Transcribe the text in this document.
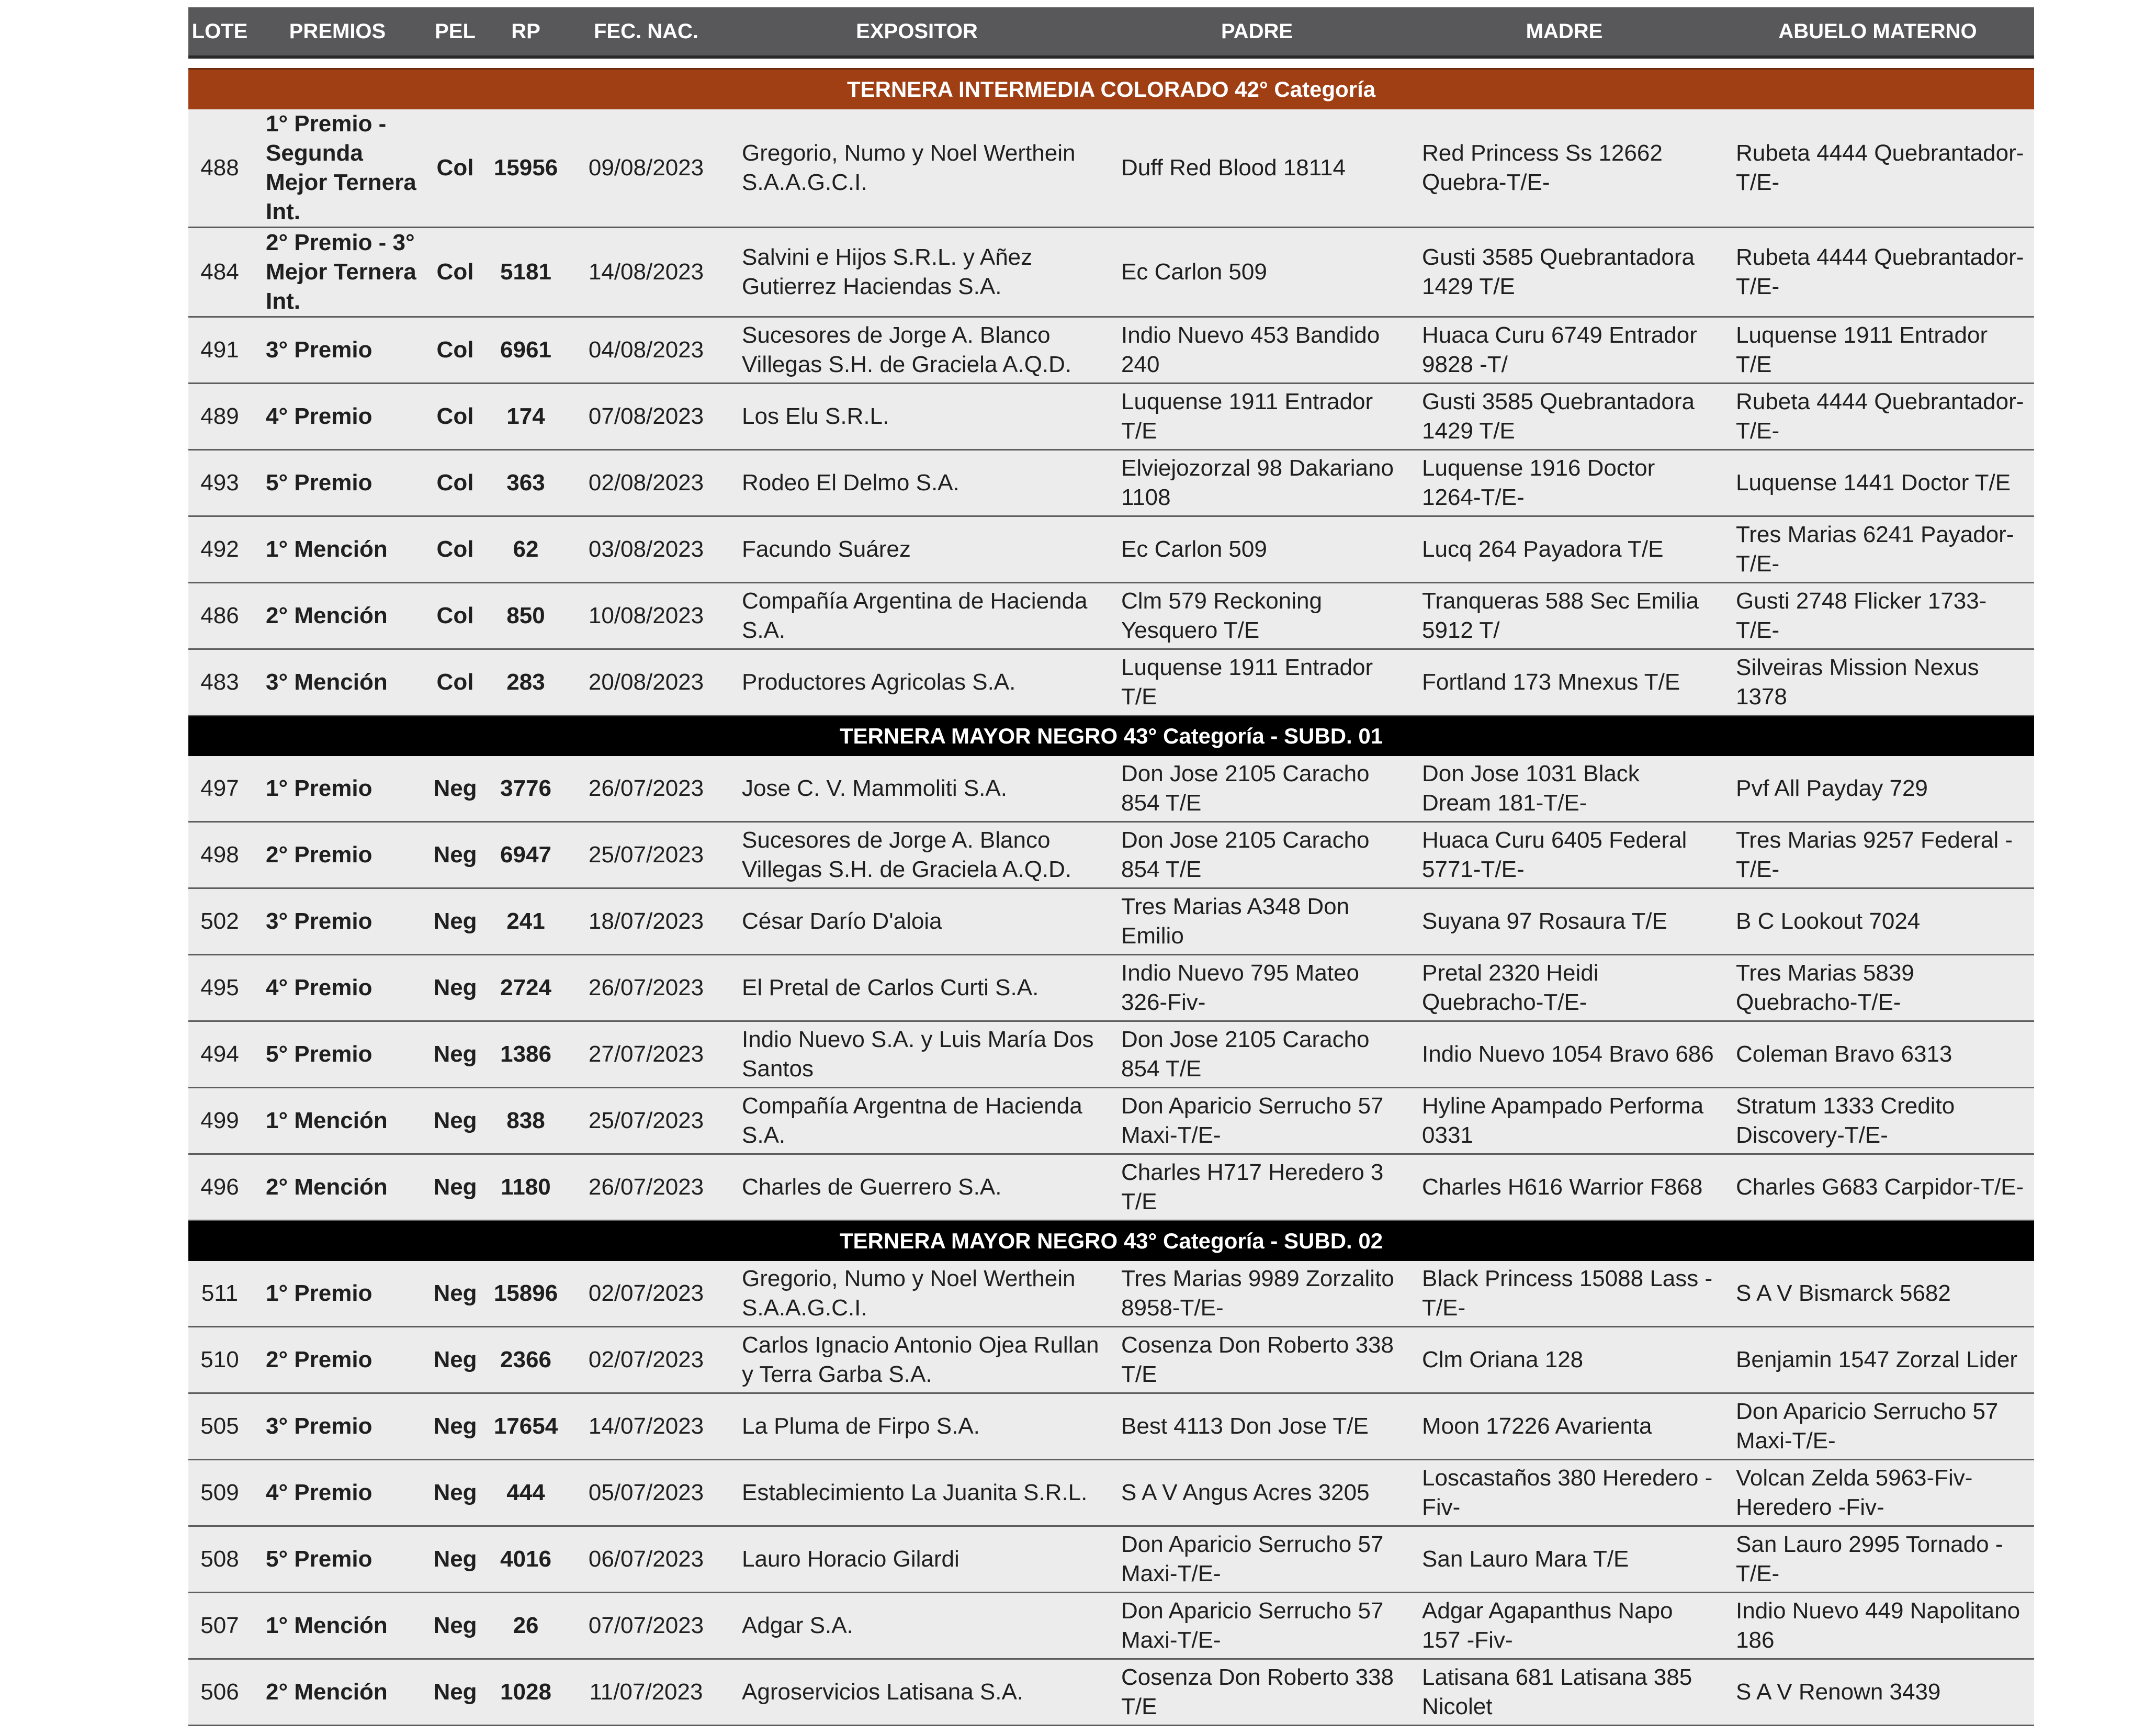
LOTE	PREMIOS	PEL	RP	FEC. NAC.	EXPOSITOR	PADRE	MADRE	ABUELO MATERNO

TERNERA INTERMEDIA COLORADO 42° Categoría								
488	1° Premio - Segunda Mejor Ternera Int.	Col	15956	09/08/2023	Gregorio, Numo y Noel Werthein S.A.A.G.C.I.	Duff Red Blood 18114	Red Princess Ss 12662 Quebra-T/E-	Rubeta 4444 Quebrantador-T/E-
484	2° Premio - 3° Mejor Ternera Int.	Col	5181	14/08/2023	Salvini e Hijos S.R.L. y Añez Gutierrez Haciendas S.A.	Ec Carlon 509	Gusti 3585 Quebrantadora 1429 T/E	Rubeta 4444 Quebrantador-T/E-
491	3° Premio	Col	6961	04/08/2023	Sucesores de Jorge A. Blanco Villegas S.H. de Graciela A.Q.D.	Indio Nuevo 453 Bandido 240	Huaca Curu 6749 Entrador 9828 -T/	Luquense 1911 Entrador T/E
489	4° Premio	Col	174	07/08/2023	Los Elu S.R.L.	Luquense 1911 Entrador T/E	Gusti 3585 Quebrantadora 1429 T/E	Rubeta 4444 Quebrantador-T/E-
493	5° Premio	Col	363	02/08/2023	Rodeo El Delmo S.A.	Elviejozorzal 98 Dakariano 1108	Luquense 1916 Doctor 1264-T/E-	Luquense 1441 Doctor T/E
492	1° Mención	Col	62	03/08/2023	Facundo Suárez	Ec Carlon 509	Lucq 264 Payadora T/E	Tres Marias 6241 Payador-T/E-
486	2° Mención	Col	850	10/08/2023	Compañía Argentina de Hacienda S.A.	Clm 579 Reckoning Yesquero T/E	Tranqueras 588 Sec Emilia 5912 T/	Gusti 2748 Flicker 1733-T/E-
483	3° Mención	Col	283	20/08/2023	Productores Agricolas S.A.	Luquense 1911 Entrador T/E	Fortland 173 Mnexus T/E	Silveiras Mission Nexus 1378
TERNERA MAYOR NEGRO 43° Categoría - SUBD. 01								
497	1° Premio	Neg	3776	26/07/2023	Jose C. V. Mammoliti S.A.	Don Jose 2105 Caracho 854 T/E	Don Jose 1031 Black Dream 181-T/E-	Pvf All Payday 729
498	2° Premio	Neg	6947	25/07/2023	Sucesores de Jorge A. Blanco Villegas S.H. de Graciela A.Q.D.	Don Jose 2105 Caracho 854 T/E	Huaca Curu 6405 Federal 5771-T/E-	Tres Marias 9257 Federal -T/E-
502	3° Premio	Neg	241	18/07/2023	César Darío D'aloia	Tres Marias A348 Don Emilio	Suyana 97 Rosaura T/E	B C Lookout 7024
495	4° Premio	Neg	2724	26/07/2023	El Pretal de Carlos Curti S.A.	Indio Nuevo 795 Mateo 326-Fiv-	Pretal 2320 Heidi Quebracho-T/E-	Tres Marias 5839 Quebracho-T/E-
494	5° Premio	Neg	1386	27/07/2023	Indio Nuevo S.A. y Luis María Dos Santos	Don Jose 2105 Caracho 854 T/E	Indio Nuevo 1054 Bravo 686	Coleman Bravo 6313
499	1° Mención	Neg	838	25/07/2023	Compañía Argentna de Hacienda S.A.	Don Aparicio Serrucho 57 Maxi-T/E-	Hyline Apampado Performa 0331	Stratum 1333 Credito Discovery-T/E-
496	2° Mención	Neg	1180	26/07/2023	Charles de Guerrero S.A.	Charles H717 Heredero 3 T/E	Charles H616 Warrior F868	Charles G683 Carpidor-T/E-
TERNERA MAYOR NEGRO 43° Categoría - SUBD. 02								
511	1° Premio	Neg	15896	02/07/2023	Gregorio, Numo y Noel Werthein S.A.A.G.C.I.	Tres Marias 9989 Zorzalito 8958-T/E-	Black Princess 15088 Lass -T/E-	S A V Bismarck 5682
510	2° Premio	Neg	2366	02/07/2023	Carlos Ignacio Antonio Ojea Rullan y Terra Garba S.A.	Cosenza Don Roberto 338 T/E	Clm Oriana 128	Benjamin 1547 Zorzal Lider
505	3° Premio	Neg	17654	14/07/2023	La Pluma de Firpo S.A.	Best 4113 Don Jose T/E	Moon 17226 Avarienta	Don Aparicio Serrucho 57 Maxi-T/E-
509	4° Premio	Neg	444	05/07/2023	Establecimiento La Juanita S.R.L.	S A V Angus Acres 3205	Loscastaños 380 Heredero -Fiv-	Volcan Zelda 5963-Fiv-Heredero -Fiv-
508	5° Premio	Neg	4016	06/07/2023	Lauro Horacio Gilardi	Don Aparicio Serrucho 57 Maxi-T/E-	San Lauro Mara T/E	San Lauro 2995 Tornado -T/E-
507	1° Mención	Neg	26	07/07/2023	Adgar S.A.	Don Aparicio Serrucho 57 Maxi-T/E-	Adgar Agapanthus Napo 157 -Fiv-	Indio Nuevo 449 Napolitano 186
506	2° Mención	Neg	1028	11/07/2023	Agroservicios Latisana S.A.	Cosenza Don Roberto 338 T/E	Latisana 681 Latisana 385 Nicolet	S A V Renown 3439
